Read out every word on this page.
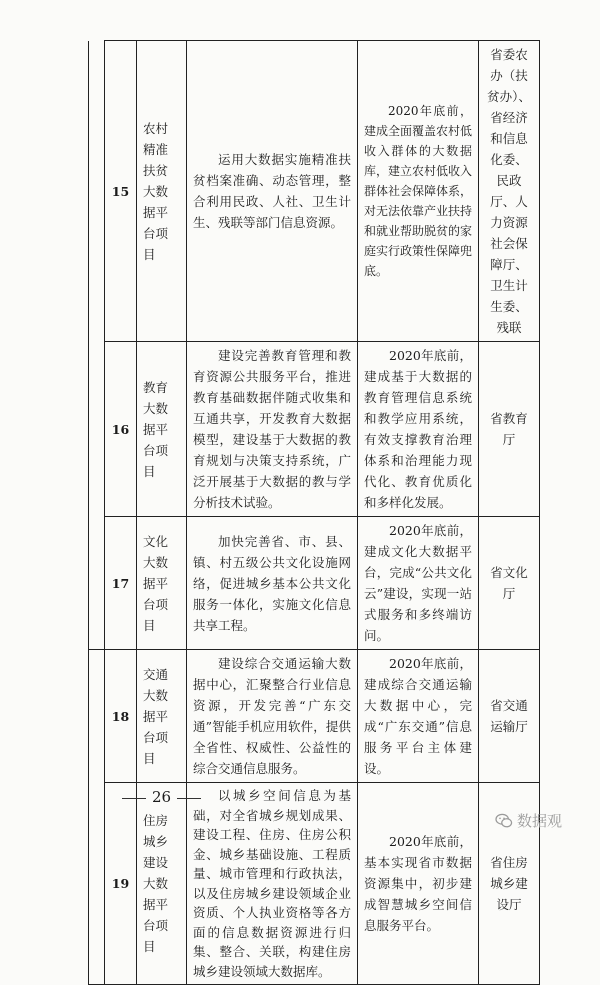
	15	农村精准扶贫大数据平台项目	运用大数据实施精准扶贫档案准确、动态管理，整合利用民政、人社、卫生计生、残联等部门信息资源。	2020年底前，建成全面覆盖农村低收入群体的大数据库，建立农村低收入群体社会保障体系，对无法依靠产业扶持和就业帮助脱贫的家庭实行政策性保障兜底。	省委农办（扶贫办）、省经济和信息化委、民政厅、人力资源社会保障厅、卫生计生委、残联
	16	教育大数据平台项目	建设完善教育管理和教育资源公共服务平台，推进教育基础数据伴随式收集和互通共享，开发教育大数据模型，建设基于大数据的教育规划与决策支持系统，广泛开展基于大数据的教与学分析技术试验。	2020年底前，建成基于大数据的教育管理信息系统和教学应用系统，有效支撑教育治理体系和治理能力现代化、教育优质化和多样化发展。	省教育厅
	17	文化大数据平台项目	加快完善省、市、县、镇、村五级公共文化设施网络，促进城乡基本公共文化服务一体化，实施文化信息共享工程。	2020年底前，建成文化大数据平台，完成“公共文化云”建设，实现一站式服务和多终端访问。	省文化厅
	18	交通大数据平台项目	建设综合交通运输大数据中心，汇聚整合行业信息资源，开发完善“广东交通”智能手机应用软件，提供全省性、权威性、公益性的综合交通信息服务。	2020年底前，建成综合交通运输大数据中心，完成“广东交通”信息服务平台主体建设。	省交通运输厅
	19	住房城乡建设大数据平台项目	以城乡空间信息为基础，对全省城乡规划成果、建设工程、住房、住房公积金、城乡基础设施、工程质量、城市管理和行政执法，以及住房城乡建设领域企业资质、个人执业资格等各方面的信息数据资源进行归集、整合、关联，构建住房城乡建设领域大数据库。	2020年底前，基本实现省市数据资源集中，初步建成智慧城乡空间信息服务平台。	省住房城乡建设厅
26
数据观
